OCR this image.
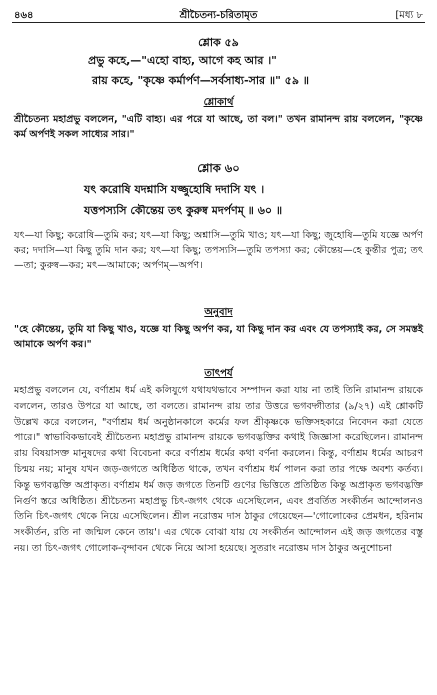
৪৬৪	শ্রীচৈতন্য-চরিতামৃত	[মধ্য ৮
শ্লোক ৫৯
প্রভু কহে,—"এহো বাহ্য, আগে কহ আর ।"
রায় কহে, "কৃষ্ণে কর্মার্পণ—সর্বসাধ্য-সার ॥" ৫৯ ॥
শ্লোকার্থ
শ্রীচৈতন্য মহাপ্রভু বললেন, "এটি বাহ্য। এর পরে যা আছে, তা বল।" তখন রামানন্দ রায় বললেন, "কৃষ্ণে কর্ম অর্পণই সকল সাধ্যের সার।"
শ্লোক ৬০
যৎ করোষি যদশ্নাসি যজ্জুহোষি দদাসি যৎ ।
যত্তপস্যসি কৌন্তেয় তৎ কুরুষ্ব মদর্পণম্ ॥ ৬০ ॥
যৎ—যা কিছু; করোষি—তুমি কর; যৎ—যা কিছু; অশ্নাসি—তুমি খাও; যৎ—যা কিছু; জুহোষি—তুমি যজ্ঞে অর্পণ কর; দদাসি—যা কিছু তুমি দান কর; যৎ—যা কিছু; তপস্যসি—তুমি তপস্যা কর; কৌন্তেয়—হে কুন্তীর পুত্র; তৎ—তা; কুরুষ্ব—কর; মৎ—আমাকে; অর্পণম্—অর্পণ।
অনুবাদ
"হে কৌন্তেয়, তুমি যা কিছু খাও, যজ্ঞে যা কিছু অর্পণ কর, যা কিছু দান কর এবং যে তপস্যাই কর, সে সমস্তই আমাকে অর্পণ কর।"
তাৎপর্য
মহাপ্রভু বললেন যে, বর্ণাশ্রম ধর্ম এই কলিযুগে যথাযথভাবে সম্পাদন করা যায় না তাই তিনি রামানন্দ রায়কে বললেন, তারও উপরে যা আছে, তা বলতে। রামানন্দ রায় তার উত্তরে ভগবদ্গীতার (৯/২৭) এই শ্লোকটি উল্লেখ করে বললেন, "বর্ণাশ্রম ধর্ম অনুষ্ঠানকালে কর্মের ফল শ্রীকৃষ্ণকে ভক্তিসহকারে নিবেদন করা যেতে পারে।" স্বাভাবিকভাবেই শ্রীচৈতন্য মহাপ্রভু রামানন্দ রায়কে ভগবদ্ভক্তির কথাই জিজ্ঞাসা করেছিলেন। রামানন্দ রায় বিষয়াসক্ত মানুষদের কথা বিবেচনা করে বর্ণাশ্রম ধর্মের কথা বর্ণনা করলেন। কিন্তু, বর্ণাশ্রম ধর্মের আচরণ চিন্ময় নয়; মানুষ যখন জড়-জগতে অধিষ্ঠিত থাকে, তখন বর্ণাশ্রম ধর্ম পালন করা তার পক্ষে অবশ্য কর্তব্য। কিন্তু ভগবদ্ভক্তি অপ্রাকৃত। বর্ণাশ্রম ধর্ম জড় জগতে তিনটি গুণের ভিত্তিতে প্রতিষ্ঠিত কিন্তু অপ্রাকৃত ভগবদ্ভক্তি নির্গুণ স্তরে অধিষ্ঠিত। শ্রীচৈতন্য মহাপ্রভু চিৎ-জগৎ থেকে এসেছিলেন, এবং প্রবর্তিত সংকীর্তন আন্দোলনও তিনি চিৎ-জগৎ থেকে নিয়ে এসেছিলেন। শ্রীল নরোত্তম দাস ঠাকুর গেয়েছেন—'গোলোকের প্রেমধন, হরিনাম সংকীর্তন, রতি না জন্মিল কেনে তায়'। এর থেকে বোঝা যায় যে সংকীর্তন আন্দোলন এই জড় জগতের বস্তু নয়। তা চিৎ-জগৎ গোলোক-বৃন্দাবন থেকে নিয়ে আসা হয়েছে। সুতরাং নরোত্তম দাস ঠাকুর অনুশোচনা
